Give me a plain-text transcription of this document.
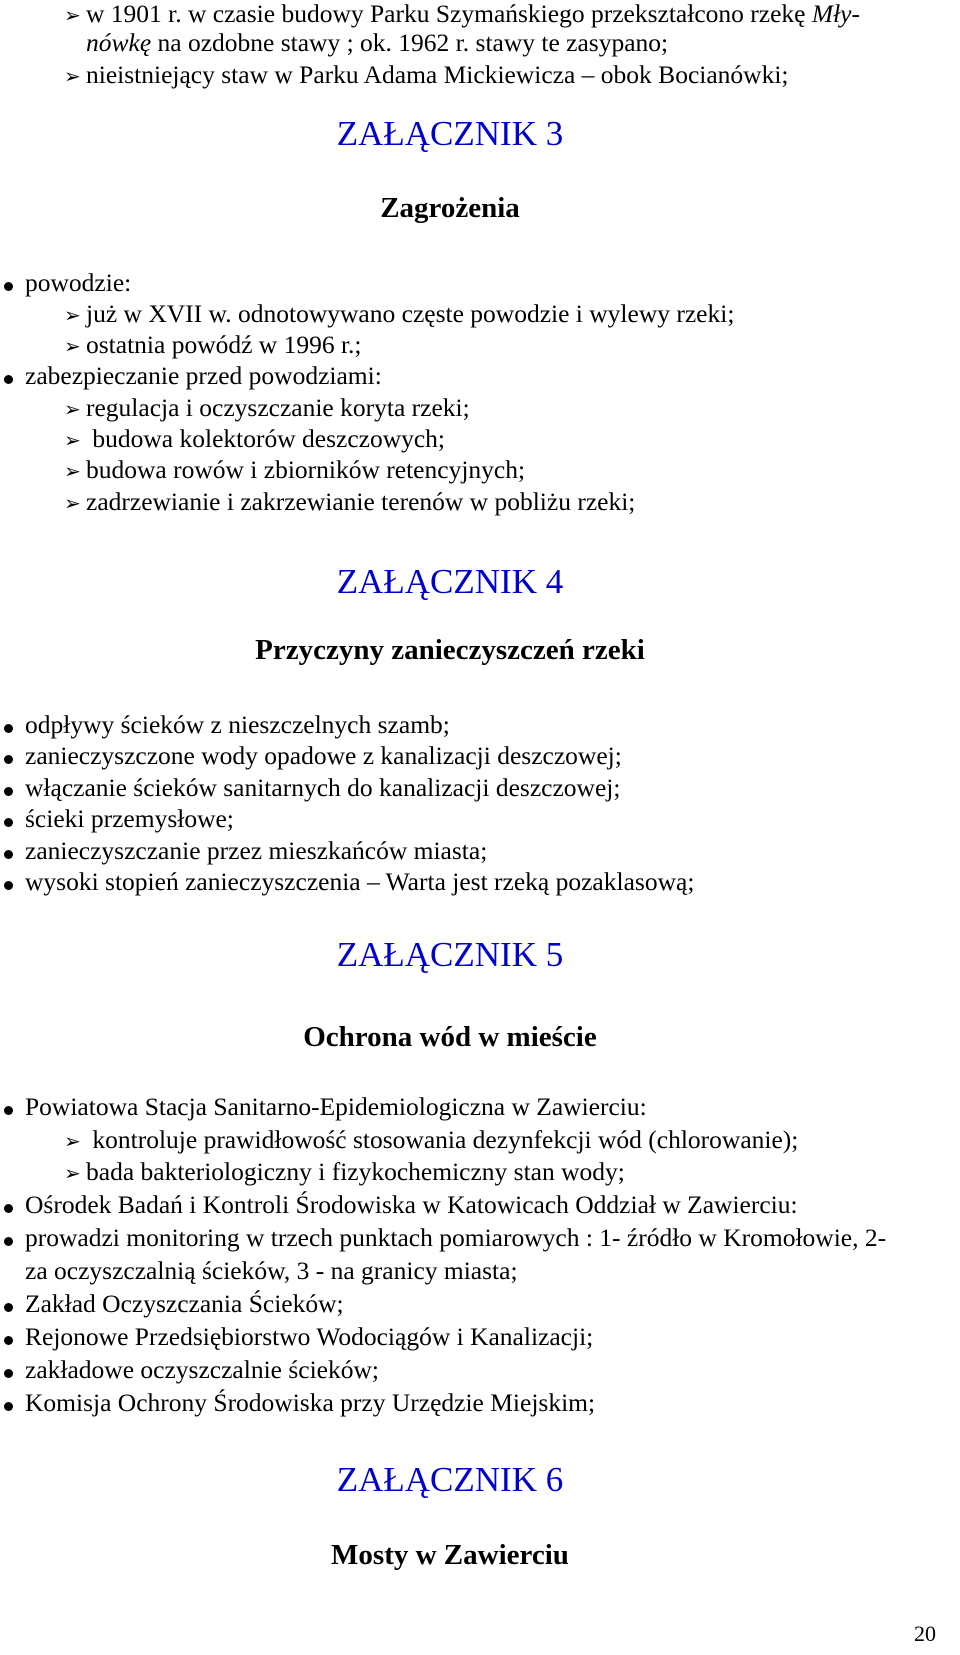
➢ w 1901 r. w czasie budowy Parku Szymańskiego przekształcono rzekę Mły-
nówkę na ozdobne stawy ; ok. 1962 r. stawy te zasypano;
➢ nieistniejący staw w Parku Adama Mickiewicza – obok Bocianówki;
ZAŁĄCZNIK 3
Zagrożenia
powodzie:
➢ już w XVII w. odnotowywano częste powodzie i wylewy rzeki;
➢ ostatnia powódź w 1996 r.;
zabezpieczanie przed powodziami:
➢ regulacja i oczyszczanie koryta rzeki;
➢ budowa kolektorów deszczowych;
➢ budowa rowów i zbiorników retencyjnych;
➢ zadrzewianie i zakrzewianie terenów w pobliżu rzeki;
ZAŁĄCZNIK 4
Przyczyny zanieczyszczeń rzeki
odpływy ścieków z nieszczelnych szamb;
zanieczyszczone wody opadowe z kanalizacji deszczowej;
włączanie ścieków sanitarnych do kanalizacji deszczowej;
ścieki przemysłowe;
zanieczyszczanie przez mieszkańców miasta;
wysoki stopień zanieczyszczenia – Warta jest rzeką pozaklasową;
ZAŁĄCZNIK 5
Ochrona wód w mieście
Powiatowa Stacja Sanitarno-Epidemiologiczna w Zawierciu:
➢ kontroluje prawidłowość stosowania dezynfekcji wód (chlorowanie);
➢ bada bakteriologiczny i fizykochemiczny stan wody;
Ośrodek Badań i Kontroli Środowiska w Katowicach Oddział w Zawierciu:
prowadzi monitoring w trzech punktach pomiarowych : 1- źródło w Kromołowie, 2-
za oczyszczalnią ścieków, 3 - na granicy miasta;
Zakład Oczyszczania Ścieków;
Rejonowe Przedsiębiorstwo Wodociągów i Kanalizacji;
zakładowe oczyszczalnie ścieków;
Komisja Ochrony Środowiska przy Urzędzie Miejskim;
ZAŁĄCZNIK 6
Mosty w Zawierciu
20
